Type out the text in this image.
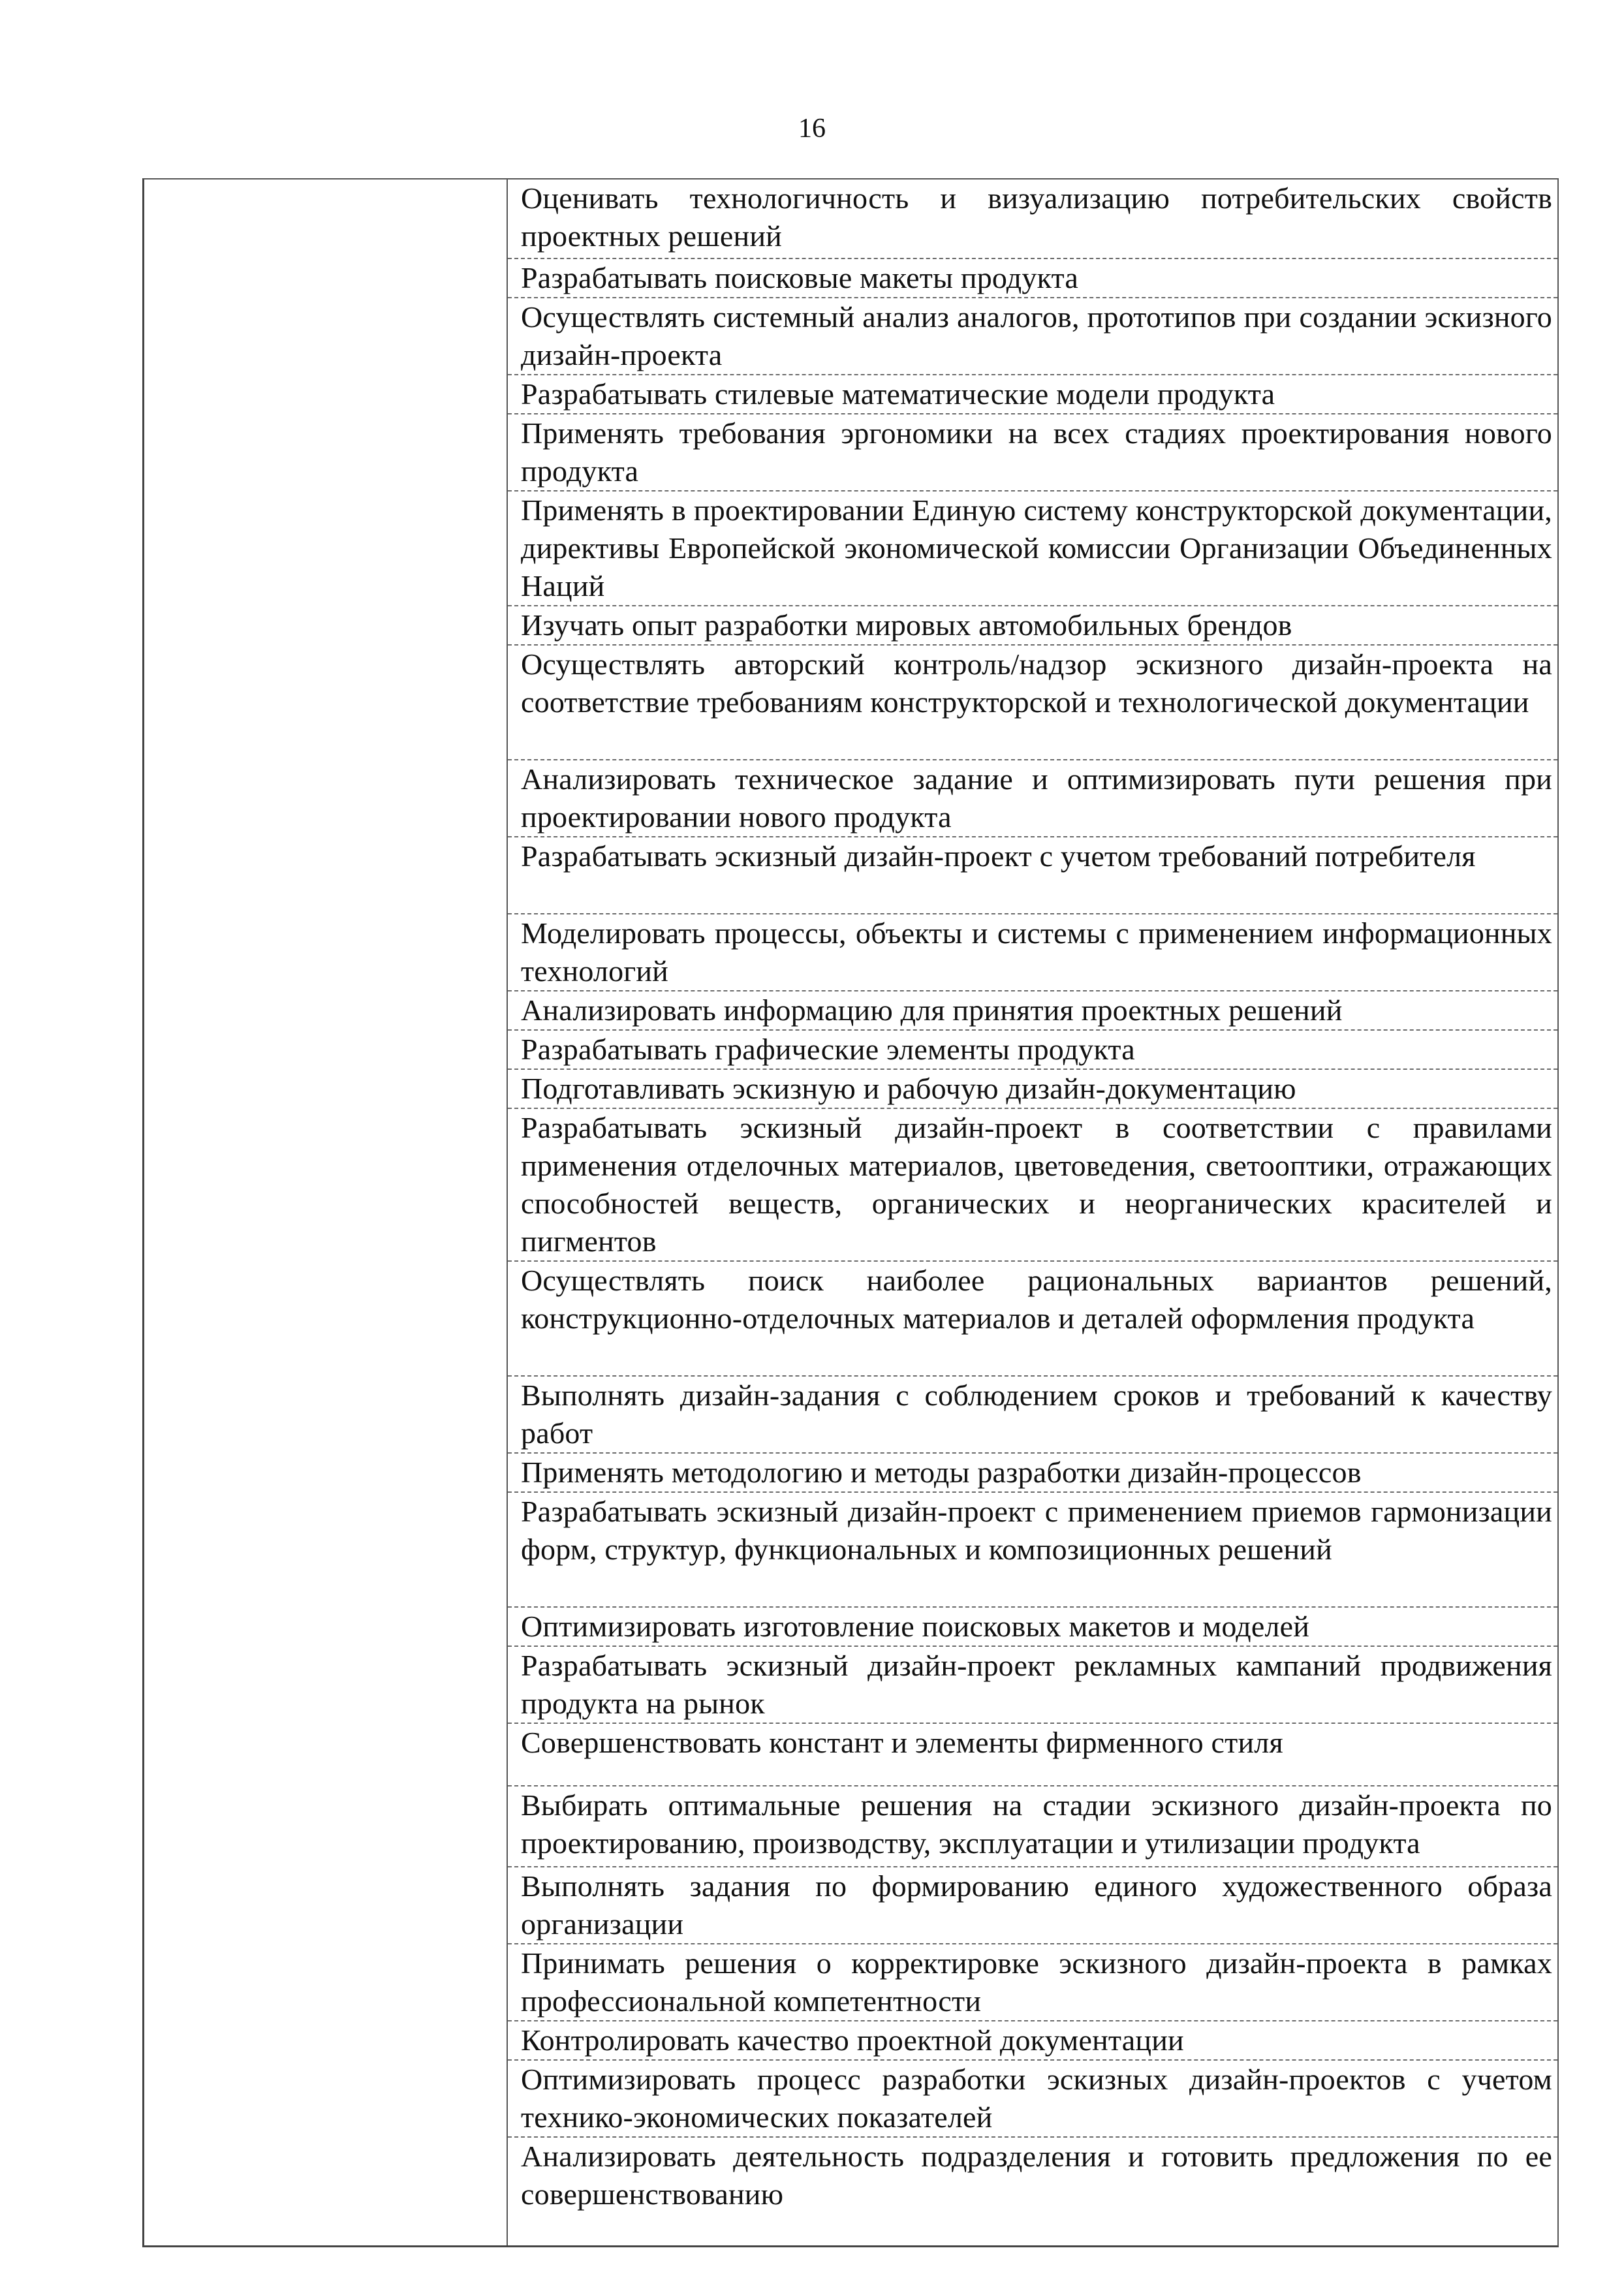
16
Оценивать технологичность и визуализацию потребительских свойств проектных решений
Разрабатывать поисковые макеты продукта
Осуществлять системный анализ аналогов, прототипов при создании эскизного дизайн-проекта
Разрабатывать стилевые математические модели продукта
Применять требования эргономики на всех стадиях проектирования нового продукта
Применять в проектировании Единую систему конструкторской документации, директивы Европейской экономической комиссии Организации Объединенных Наций
Изучать опыт разработки мировых автомобильных брендов
Осуществлять авторский контроль/надзор эскизного дизайн-проекта на соответствие требованиям конструкторской и технологической документации
Анализировать техническое задание и оптимизировать пути решения при проектировании нового продукта
Разрабатывать эскизный дизайн-проект с учетом требований потребителя
Моделировать процессы, объекты и системы с применением информационных технологий
Анализировать информацию для принятия проектных решений
Разрабатывать графические элементы продукта
Подготавливать эскизную и рабочую дизайн-документацию
Разрабатывать эскизный дизайн-проект в соответствии с правилами применения отделочных материалов, цветоведения, светооптики, отражающих способностей веществ, органических и неорганических красителей и пигментов
Осуществлять поиск наиболее рациональных вариантов решений, конструкционно-отделочных материалов и деталей оформления продукта
Выполнять дизайн-задания с соблюдением сроков и требований к качеству работ
Применять методологию и методы разработки дизайн-процессов
Разрабатывать эскизный дизайн-проект с применением приемов гармонизации форм, структур, функциональных и композиционных решений
Оптимизировать изготовление поисковых макетов и моделей
Разрабатывать эскизный дизайн-проект рекламных кампаний продвижения продукта на рынок
Совершенствовать констант и элементы фирменного стиля
Выбирать оптимальные решения на стадии эскизного дизайн-проекта по проектированию, производству, эксплуатации и утилизации продукта
Выполнять задания по формированию единого художественного образа организации
Принимать решения о корректировке эскизного дизайн-проекта в рамках профессиональной компетентности
Контролировать качество проектной документации
Оптимизировать процесс разработки эскизных дизайн-проектов с учетом технико-экономических показателей
Анализировать деятельность подразделения и готовить предложения по ее совершенствованию
